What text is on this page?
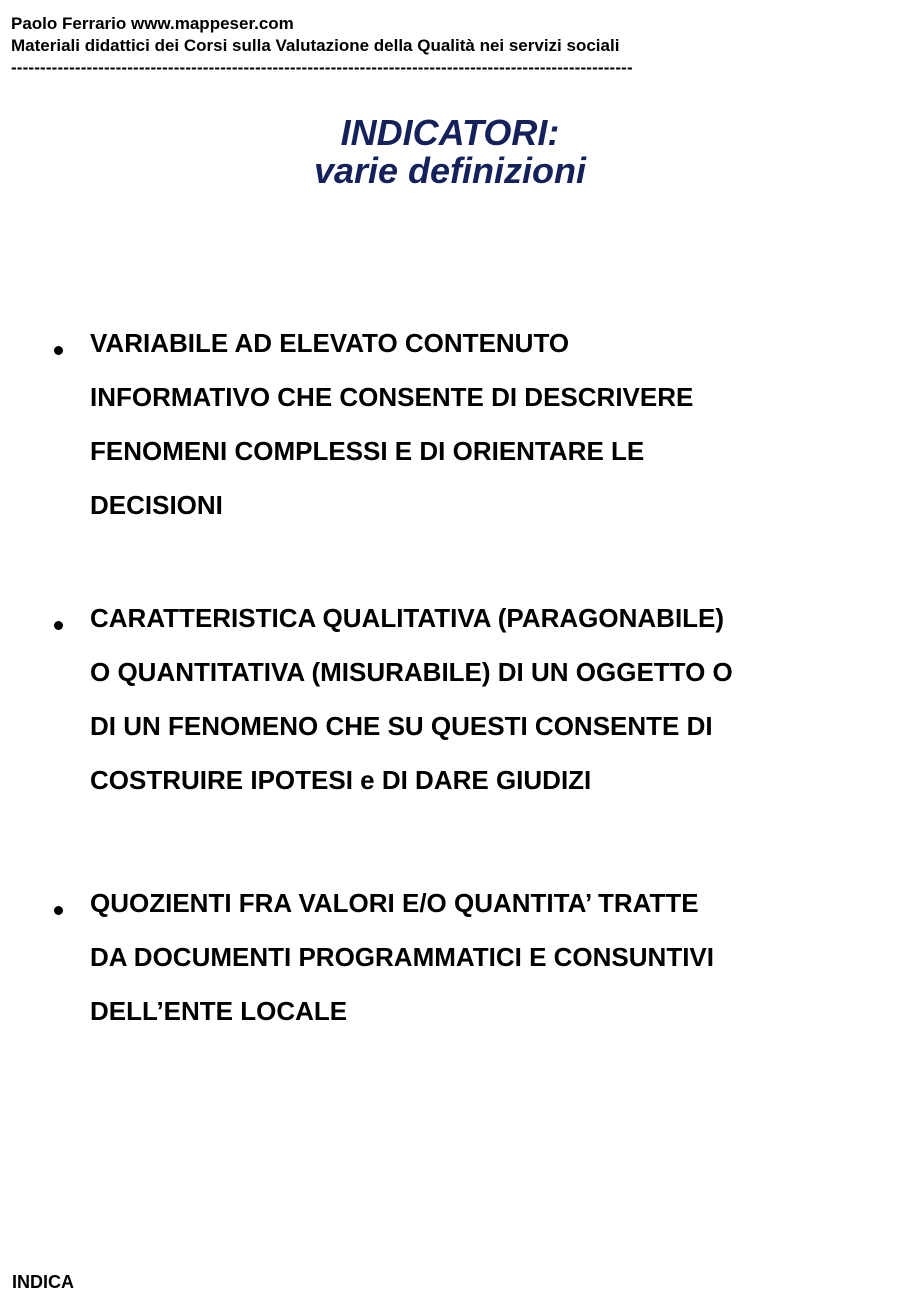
Paolo Ferrario www.mappeser.com
Materiali didattici dei Corsi sulla Valutazione della Qualità nei servizi sociali
-----------------------------------------------------------------------------------------------------------
INDICATORI:
varie definizioni
VARIABILE AD ELEVATO CONTENUTO
INFORMATIVO CHE CONSENTE DI DESCRIVERE
FENOMENI COMPLESSI E DI ORIENTARE LE
DECISIONI
CARATTERISTICA QUALITATIVA (PARAGONABILE)
O QUANTITATIVA (MISURABILE) DI UN OGGETTO O
DI UN FENOMENO CHE SU QUESTI CONSENTE DI
COSTRUIRE IPOTESI e DI DARE GIUDIZI
QUOZIENTI FRA VALORI E/O QUANTITA’ TRATTE
DA DOCUMENTI PROGRAMMATICI E CONSUNTIVI
DELL’ENTE LOCALE
INDICA
